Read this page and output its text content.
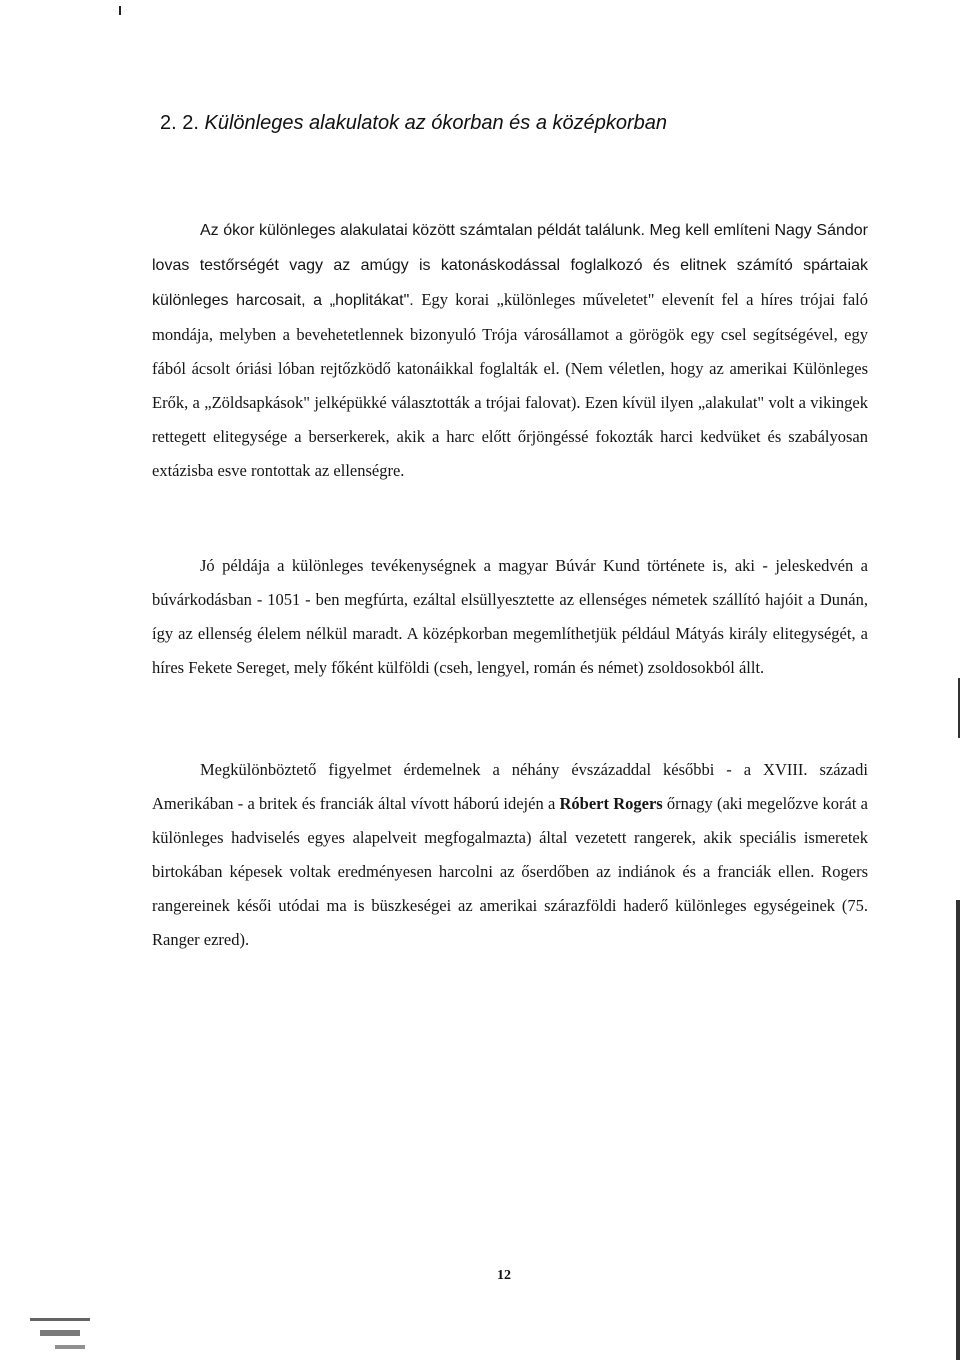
2. 2. Különleges alakulatok az ókorban és a középkorban

Az ókor különleges alakulatai között számtalan példát találunk. Meg kell említeni Nagy Sándor lovas testőrségét vagy az amúgy is katonáskodással foglalkozó és elitnek számító spártaiak különleges harcosait, a „hoplitákat". Egy korai „különleges műveletet" elevenít fel a híres trójai faló mondája, melyben a bevehetetlennek bizonyuló Trója városállamot a görögök egy csel segítségével, egy fából ácsolt óriási lóban rejtőzködő katonáikkal foglalták el. (Nem véletlen, hogy az amerikai Különleges Erők, a „Zöldsapkások" jelképükké választották a trójai falovat). Ezen kívül ilyen „alakulat" volt a vikingek rettegett elitegysége a berserkerek, akik a harc előtt őrjöngéssé fokozták harci kedvüket és szabályosan extázisba esve rontottak az ellenségre.

Jó példája a különleges tevékenységnek a magyar Búvár Kund története is, aki - jeleskedvén a búvárkodásban - 1051 - ben megfúrta, ezáltal elsüllyesztette az ellenséges németek szállító hajóit a Dunán, így az ellenség élelem nélkül maradt. A középkorban megemlíthetjük például Mátyás király elitegységét, a híres Fekete Sereget, mely főként külföldi (cseh, lengyel, román és német) zsoldosokból állt.

Megkülönböztető figyelmet érdemelnek a néhány évszázaddal későbbi - a XVIII. századi Amerikában - a britek és franciák által vívott háború idején a Róbert Rogers őrnagy (aki megelőzve korát a különleges hadviselés egyes alapelveit megfogalmazta) által vezetett rangerek, akik speciális ismeretek birtokában képesek voltak eredményesen harcolni az őserdőben az indiánok és a franciák ellen. Rogers rangereinek késői utódai ma is büszkeségei az amerikai szárazföldi haderő különleges egységeinek (75. Ranger ezred).

12
